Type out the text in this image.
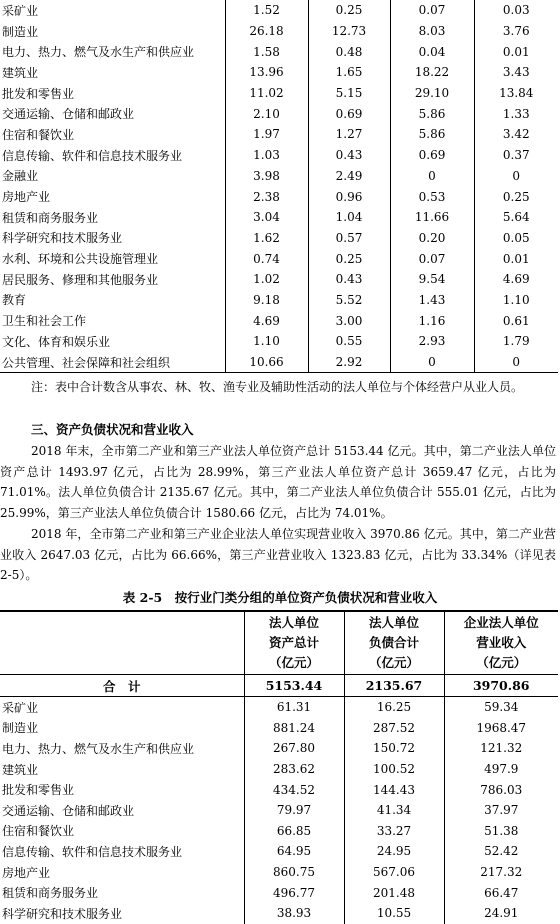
采矿业	1.52	0.25	0.07	0.03
制造业	26.18	12.73	8.03	3.76
电力、热力、燃气及水生产和供应业	1.58	0.48	0.04	0.01
建筑业	13.96	1.65	18.22	3.43
批发和零售业	11.02	5.15	29.10	13.84
交通运输、仓储和邮政业	2.10	0.69	5.86	1.33
住宿和餐饮业	1.97	1.27	5.86	3.42
信息传输、软件和信息技术服务业	1.03	0.43	0.69	0.37
金融业	3.98	2.49	0	0
房地产业	2.38	0.96	0.53	0.25
租赁和商务服务业	3.04	1.04	11.66	5.64
科学研究和技术服务业	1.62	0.57	0.20	0.05
水利、环境和公共设施管理业	0.74	0.25	0.07	0.01
居民服务、修理和其他服务业	1.02	0.43	9.54	4.69
教育	9.18	5.52	1.43	1.10
卫生和社会工作	4.69	3.00	1.16	0.61
文化、体育和娱乐业	1.10	0.55	2.93	1.79
公共管理、社会保障和社会组织	10.66	2.92	0	0

注：表中合计数含从事农、林、牧、渔专业及辅助性活动的法人单位与个体经营户从业人员。

三、资产负债状况和营业收入

2018 年末，全市第二产业和第三产业法人单位资产总计 5153.44 亿元。其中，第二产业法人单位资产总计 1493.97 亿元，占比为 28.99%，第三产业法人单位资产总计 3659.47 亿元，占比为 71.01%。法人单位负债合计 2135.67 亿元。其中，第二产业法人单位负债合计 555.01 亿元，占比为 25.99%，第三产业法人单位负债合计 1580.66 亿元，占比为 74.01%。

2018 年，全市第二产业和第三产业企业法人单位实现营业收入 3970.86 亿元。其中，第二产业营业收入 2647.03 亿元，占比为 66.66%，第三产业营业收入 1323.83 亿元，占比为 33.34%（详见表 2-5）。

表 2-5　按行业门类分组的单位资产负债状况和营业收入

	法人单位
资产总计
（亿元）	法人单位
负债合计
（亿元）	企业法人单位
营业收入
（亿元）
合　计	5153.44	2135.67	3970.86
采矿业	61.31	16.25	59.34
制造业	881.24	287.52	1968.47
电力、热力、燃气及水生产和供应业	267.80	150.72	121.32
建筑业	283.62	100.52	497.9
批发和零售业	434.52	144.43	786.03
交通运输、仓储和邮政业	79.97	41.34	37.97
住宿和餐饮业	66.85	33.27	51.38
信息传输、软件和信息技术服务业	64.95	24.95	52.42
房地产业	860.75	567.06	217.32
租赁和商务服务业	496.77	201.48	66.47
科学研究和技术服务业	38.93	10.55	24.91
